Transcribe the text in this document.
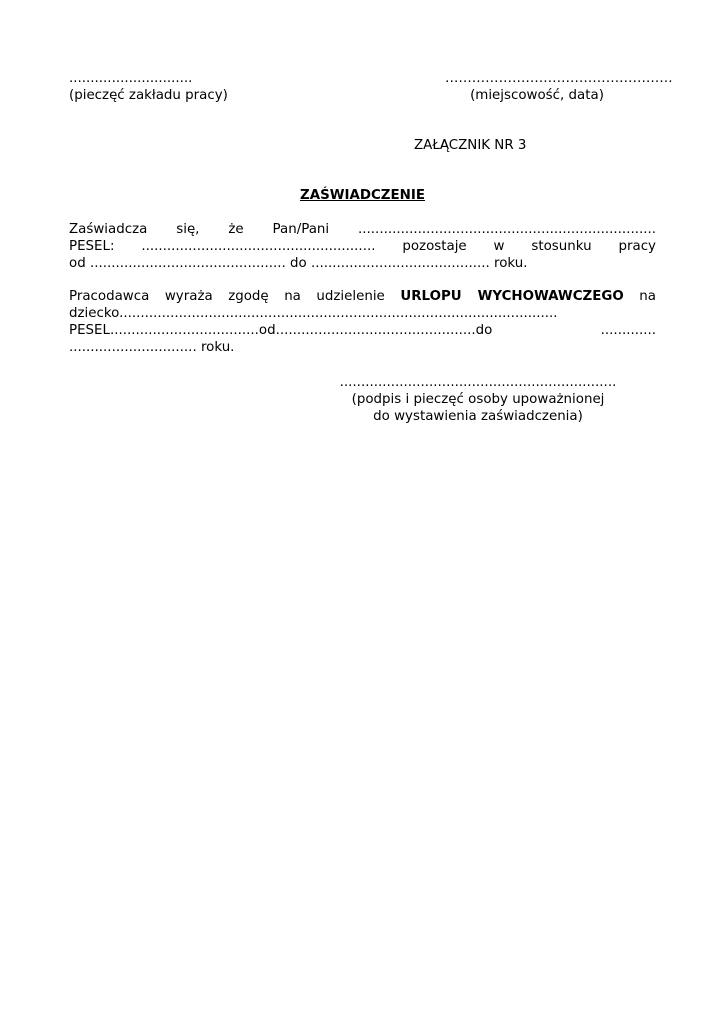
.............................
(pieczęć zakładu pracy)
……………………………………………
(miejscowość, data)
ZAŁĄCZNIK NR 3
ZAŚWIADCZENIE
Zaświadcza się, że Pan/Pani ......................................................................
PESEL: ....................................................... pozostaje w stosunku pracy
od .............................................. do .......................................... roku.
Pracodawca wyraża zgodę na udzielenie URLOPU WYCHOWAWCZEGO na
dziecko.......................................................................................................
PESEL...................................od...............................................do .............
.............................. roku.
.................................................................
(podpis i pieczęć osoby upoważnionej
do wystawienia zaświadczenia)
